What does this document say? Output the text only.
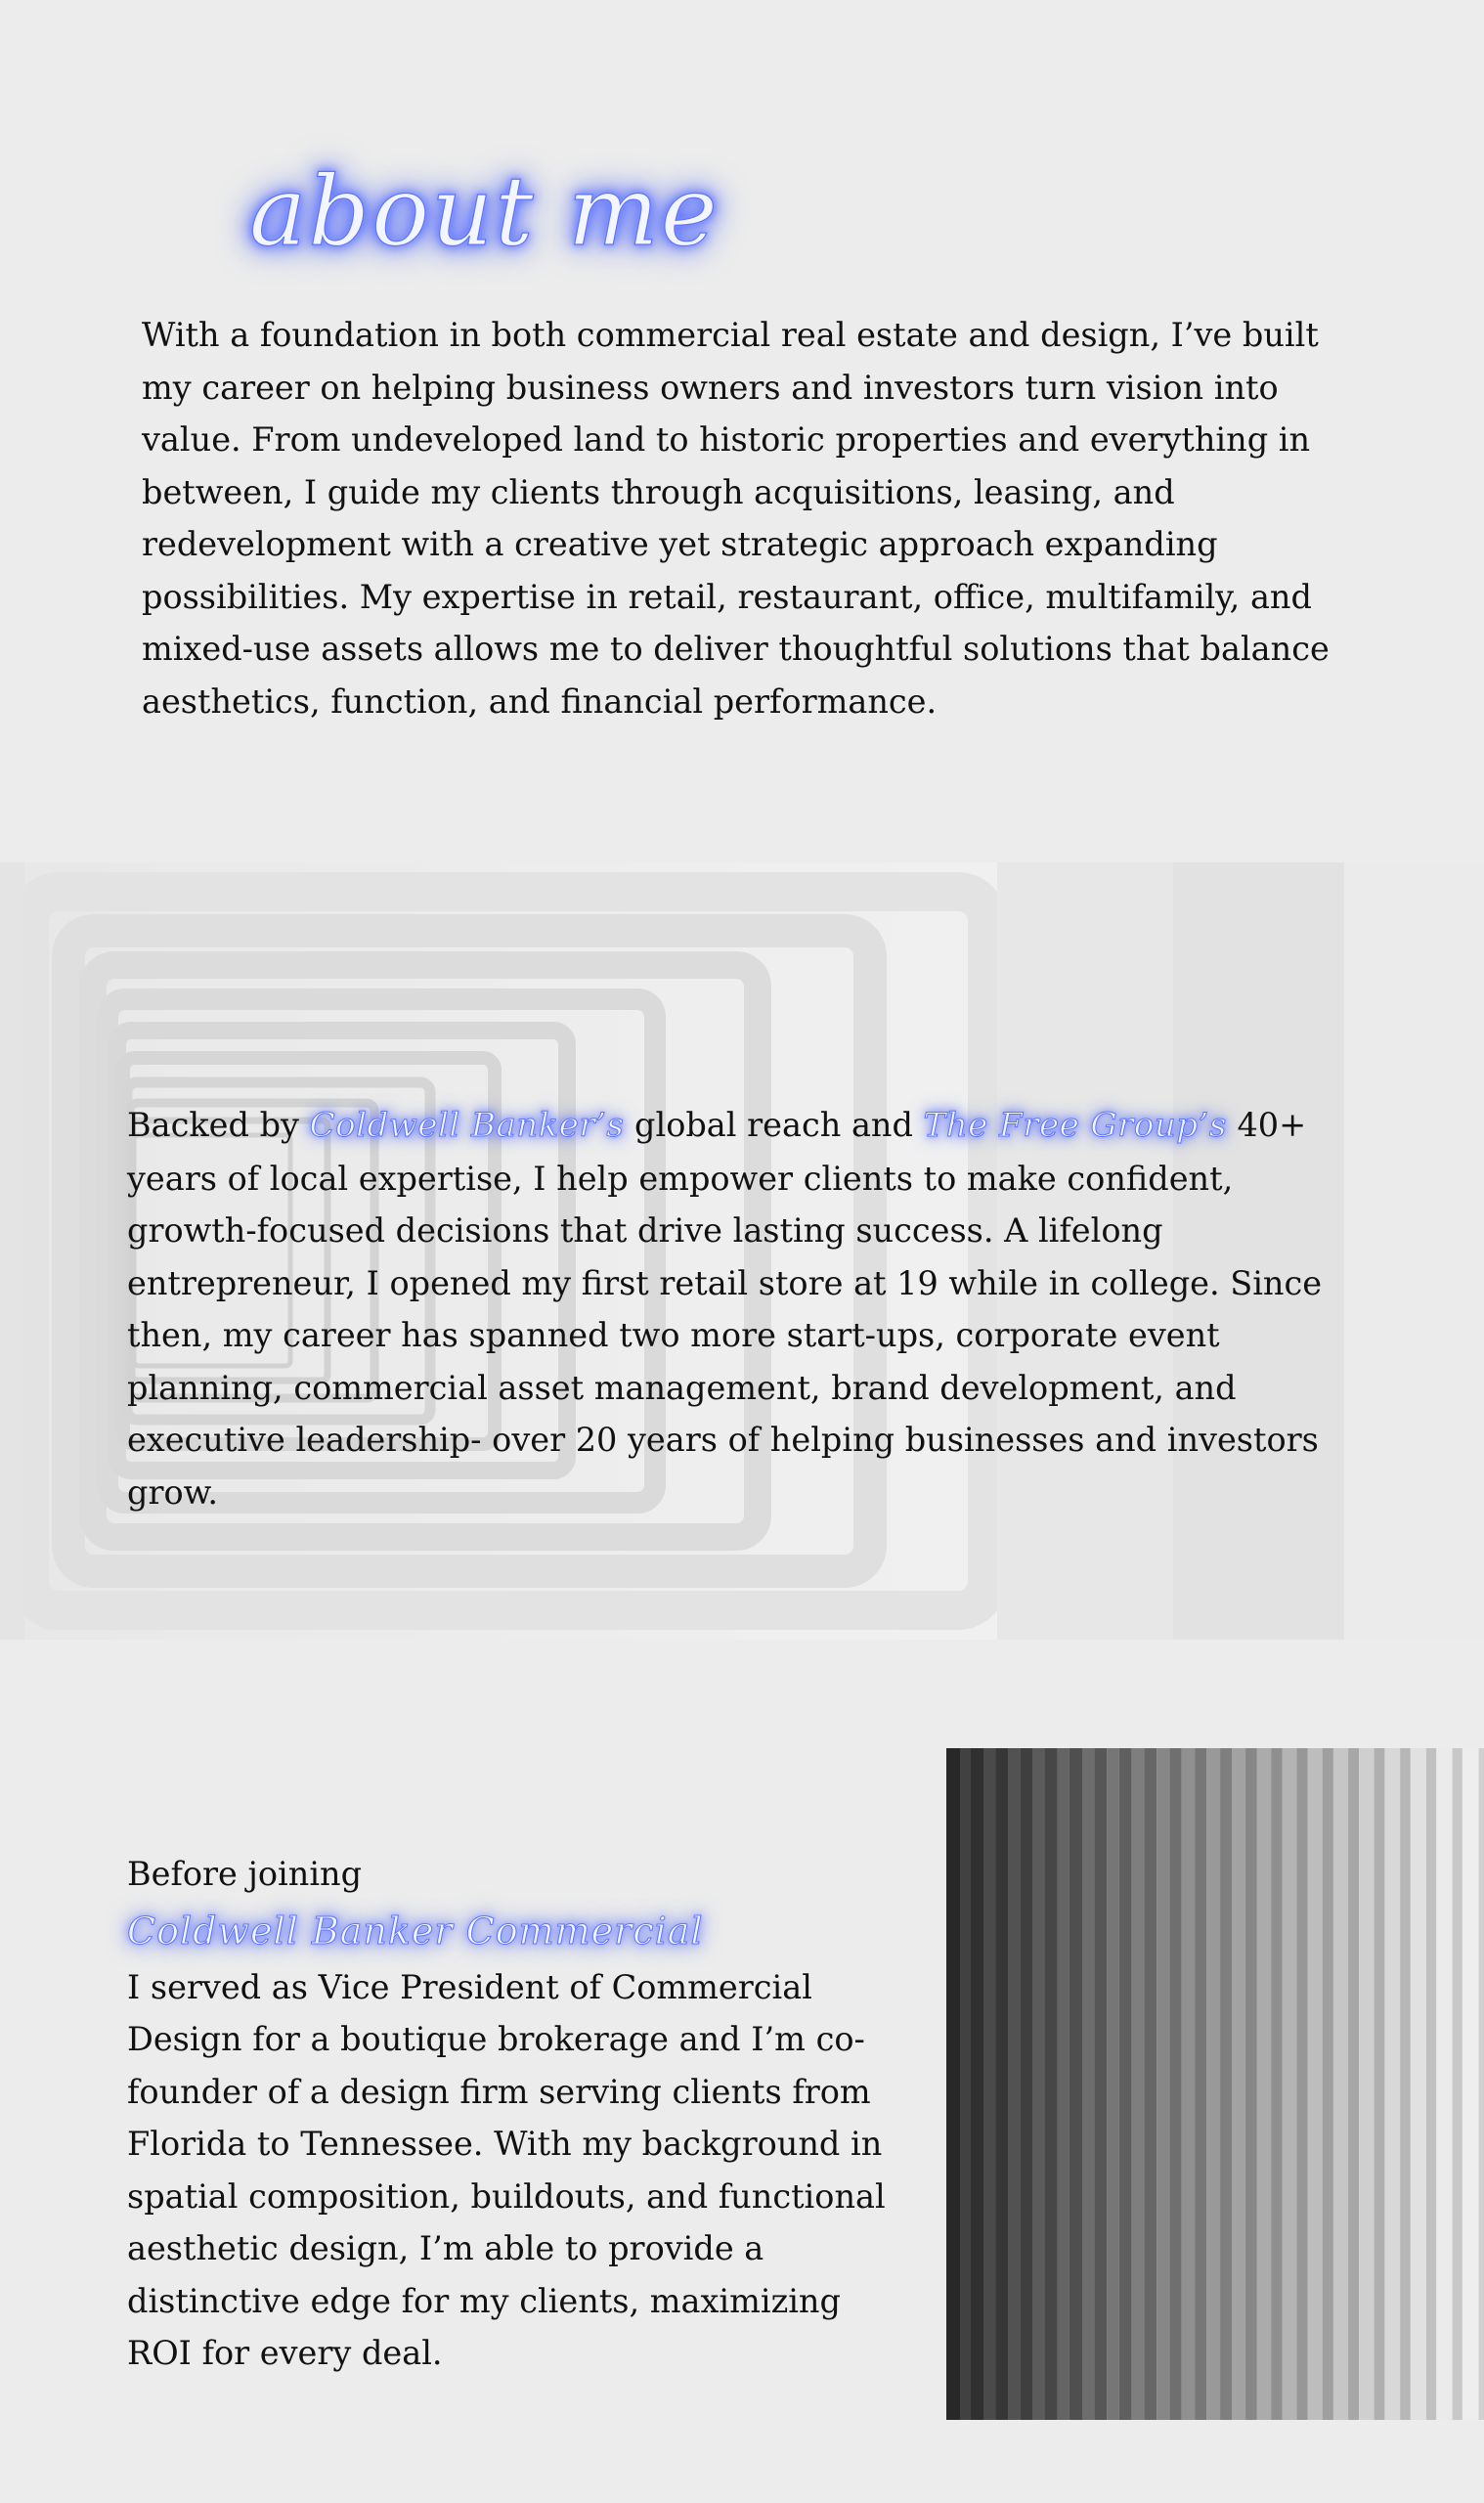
about me

With a foundation in both commercial real estate and design, I’ve built my career on helping business owners and investors turn vision into value. From undeveloped land to historic properties and everything in between, I guide my clients through acquisitions, leasing, and redevelopment with a creative yet strategic approach expanding possibilities. My expertise in retail, restaurant, office, multifamily, and mixed-use assets allows me to deliver thoughtful solutions that balance aesthetics, function, and financial performance.

Backed by Coldwell Banker’s global reach and The Free Group’s 40+ years of local expertise, I help empower clients to make confident, growth-focused decisions that drive lasting success. A lifelong entrepreneur, I opened my first retail store at 19 while in college. Since then, my career has spanned two more start-ups, corporate event planning, commercial asset management, brand development, and executive leadership- over 20 years of helping businesses and investors grow.

Before joining
Coldwell Banker Commercial

I served as Vice President of Commercial Design for a boutique brokerage and I’m co-founder of a design firm serving clients from Florida to Tennessee. With my background in spatial composition, buildouts, and functional aesthetic design, I’m able to provide a distinctive edge for my clients, maximizing ROI for every deal.
